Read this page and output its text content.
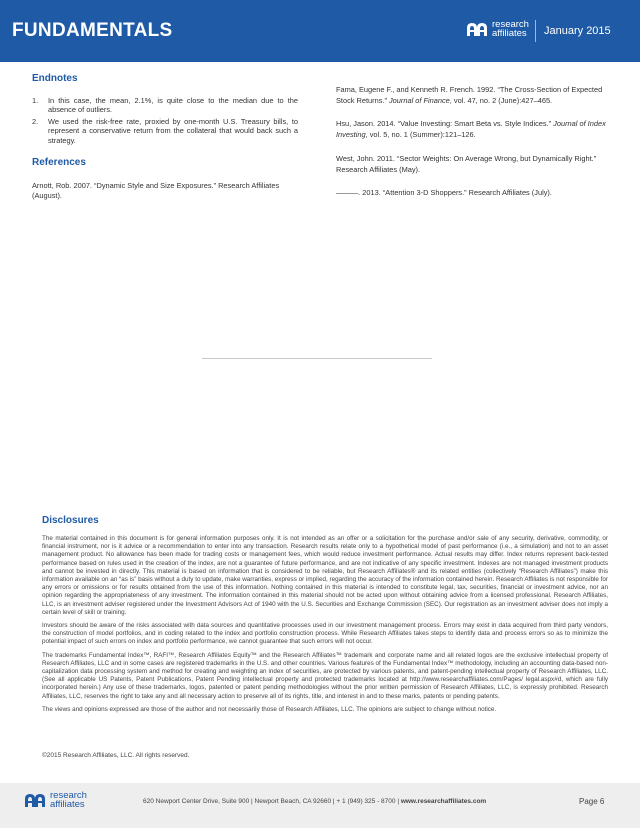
FUNDAMENTALS	research
affiliates January 2015
Endnotes
1. In this case, the mean, 2.1%, is quite close to the median due to the absence of outliers.
2. We used the risk-free rate, proxied by one-month U.S. Treasury bills, to represent a conservative return from the collateral that would back such a strategy.
References
Arnott, Rob. 2007. “Dynamic Style and Size Exposures.” Research Affiliates (August).
Fama, Eugene F., and Kenneth R. French. 1992. “The Cross-Section of Expected Stock Returns.” Journal of Finance, vol. 47, no. 2 (June):427–465.
Hsu, Jason. 2014. “Value Investing: Smart Beta vs. Style Indices.” Journal of Index Investing, vol. 5, no. 1 (Summer):121–126.
West, John. 2011. “Sector Weights: On Average Wrong, but Dynamically Right.” Research Affiliates (May).
———. 2013. “Attention 3-D Shoppers.” Research Affiliates (July).
Disclosures

The material contained in this document is for general information purposes only. It is not intended as an offer or a solicitation for the purchase and/or sale of any security, derivative, commodity, or financial instrument, nor is it advice or a recommendation to enter into any transaction. Research results relate only to a hypothetical model of past performance (i.e., a simulation) and not to an asset management product. No allowance has been made for trading costs or management fees, which would reduce investment performance. Actual results may differ. Index returns represent back-tested performance based on rules used in the creation of the index, are not a guarantee of future performance, and are not indicative of any specific investment. Indexes are not managed investment products and cannot be invested in directly. This material is based on information that is considered to be reliable, but Research Affiliates® and its related entities (collectively “Research Affiliates”) make this information available on an “as is” basis without a duty to update, make warranties, express or implied, regarding the accuracy of the information contained herein. Research Affiliates is not responsible for any errors or omissions or for results obtained from the use of this information. Nothing contained in this material is intended to constitute legal, tax, securities, financial or investment advice, nor an opinion regarding the appropriateness of any investment. The information contained in this material should not be acted upon without obtaining advice from a licensed professional. Research Affiliates, LLC, is an investment adviser registered under the Investment Advisors Act of 1940 with the U.S. Securities and Exchange Commission (SEC). Our registration as an investment adviser does not imply a certain level of skill or training.

Investors should be aware of the risks associated with data sources and quantitative processes used in our investment management process. Errors may exist in data acquired from third party vendors, the construction of model portfolios, and in coding related to the index and portfolio construction process. While Research Affiliates takes steps to identify data and process errors so as to minimize the potential impact of such errors on index and portfolio performance, we cannot guarantee that such errors will not occur.

The trademarks Fundamental Index™, RAFI™, Research Affiliates Equity™ and the Research Affiliates™ trademark and corporate name and all related logos are the exclusive intellectual property of Research Affiliates, LLC and in some cases are registered trademarks in the U.S. and other countries. Various features of the Fundamental Index™ methodology, including an accounting data-based non-capitalization data processing system and method for creating and weighting an index of securities, are protected by various patents, and patent-pending intellectual property of Research Affiliates, LLC. (See all applicable US Patents, Patent Publications, Patent Pending intellectual property and protected trademarks located at http://www.researchaffiliates.com/Pages/ legal.aspx#d, which are fully incorporated herein.) Any use of these trademarks, logos, patented or patent pending methodologies without the prior written permission of Research Affiliates, LLC, is expressly prohibited. Research Affiliates, LLC, reserves the right to take any and all necessary action to preserve all of its rights, title, and interest in and to these marks, patents or pending patents.

The views and opinions expressed are those of the author and not necessarily those of Research Affiliates, LLC. The opinions are subject to change without notice.

©2015 Research Affiliates, LLC. All rights reserved.
research
affiliates	620 Newport Center Drive, Suite 900 | Newport Beach, CA 92660 | + 1 (949) 325 - 8700 | www.researchaffiliates.com	Page 6
